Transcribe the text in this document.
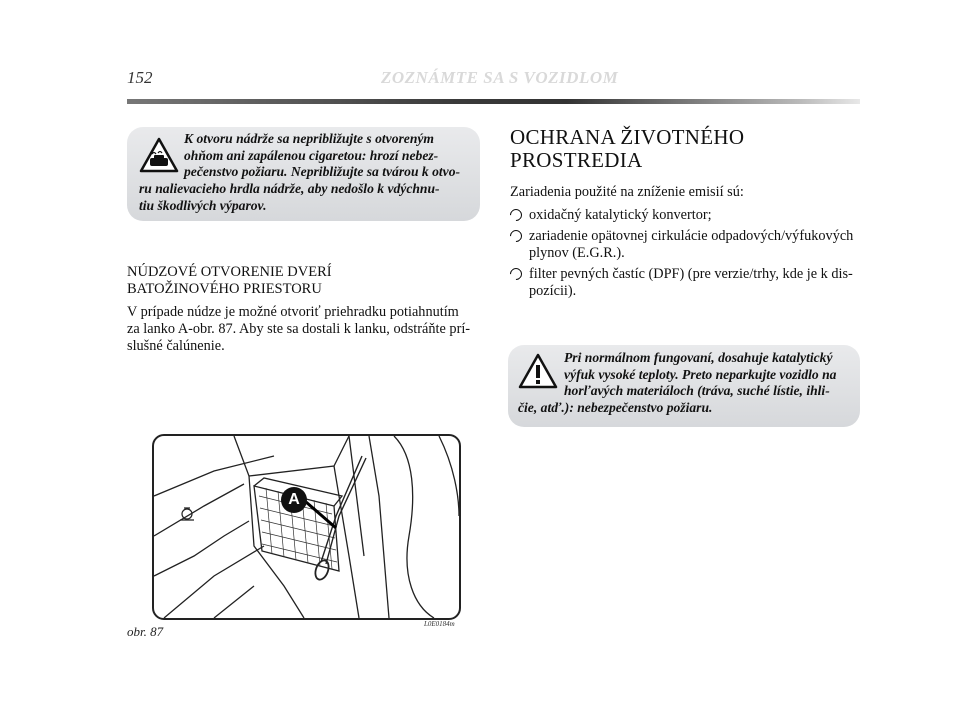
152	ZOZNÁMTE SA S VOZIDLOM
K otvoru nádrže sa nepribližujte s otvoreným
ohňom ani zapálenou cigaretou: hrozí nebez-
pečenstvo požiaru. Nepribližujte sa tvárou k otvo-
ru nalievacieho hrdla nádrže, aby nedošlo k vdýchnu-
tiu škodlivých výparov.
NÚDZOVÉ OTVORENIE DVERÍ
BATOŽINOVÉHO PRIESTORU
V prípade núdze je možné otvoriť priehradku potiahnutím
za lanko A-obr. 87. Aby ste sa dostali k lanku, odstráňte prí-
slušné čalúnenie.
A
obr. 87	L0E0184m
OCHRANA ŽIVOTNÉHO
PROSTREDIA
Zariadenia použité na zníženie emisií sú:
oxidačný katalytický konvertor;
zariadenie opätovnej cirkulácie odpadových/výfukových
plynov (E.G.R.).
filter pevných častíc (DPF) (pre verzie/trhy, kde je k dis-
pozícii).
Pri normálnom fungovaní, dosahuje katalytický
výfuk vysoké teploty. Preto neparkujte vozidlo na
horľavých materiáloch (tráva, suché lístie, ihli-
čie, atď.): nebezpečenstvo požiaru.
